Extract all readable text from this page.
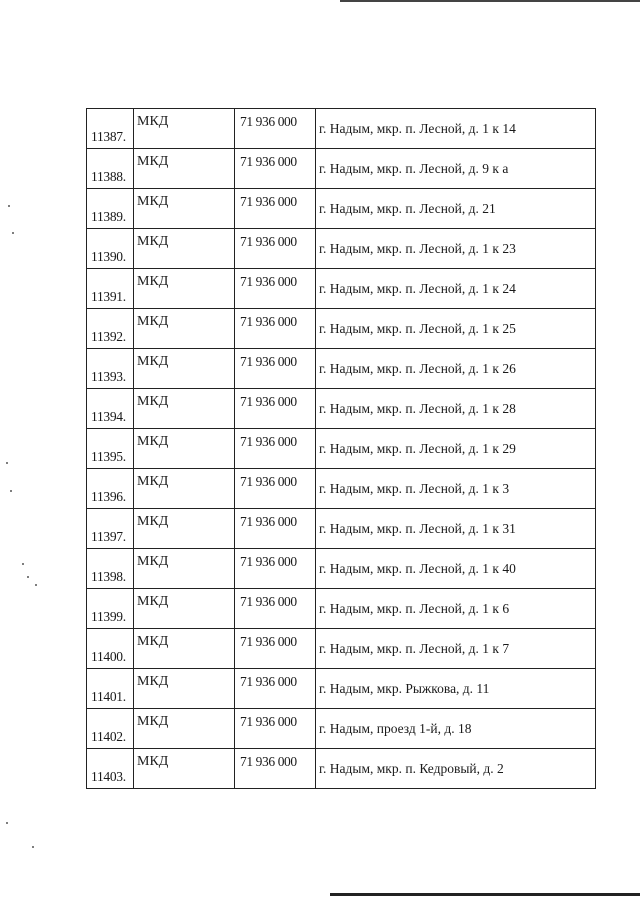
11387.	МКД	71 936 000	г. Надым, мкр. п. Лесной, д. 1 к 14
11388.	МКД	71 936 000	г. Надым, мкр. п. Лесной, д. 9 к а
11389.	МКД	71 936 000	г. Надым, мкр. п. Лесной, д. 21
11390.	МКД	71 936 000	г. Надым, мкр. п. Лесной, д. 1 к 23
11391.	МКД	71 936 000	г. Надым, мкр. п. Лесной, д. 1 к 24
11392.	МКД	71 936 000	г. Надым, мкр. п. Лесной, д. 1 к 25
11393.	МКД	71 936 000	г. Надым, мкр. п. Лесной, д. 1 к 26
11394.	МКД	71 936 000	г. Надым, мкр. п. Лесной, д. 1 к 28
11395.	МКД	71 936 000	г. Надым, мкр. п. Лесной, д. 1 к 29
11396.	МКД	71 936 000	г. Надым, мкр. п. Лесной, д. 1 к 3
11397.	МКД	71 936 000	г. Надым, мкр. п. Лесной, д. 1 к 31
11398.	МКД	71 936 000	г. Надым, мкр. п. Лесной, д. 1 к 40
11399.	МКД	71 936 000	г. Надым, мкр. п. Лесной, д. 1 к 6
11400.	МКД	71 936 000	г. Надым, мкр. п. Лесной, д. 1 к 7
11401.	МКД	71 936 000	г. Надым, мкр. Рыжкова, д. 11
11402.	МКД	71 936 000	г. Надым, проезд 1-й, д. 18
11403.	МКД	71 936 000	г. Надым, мкр. п. Кедровый, д. 2
